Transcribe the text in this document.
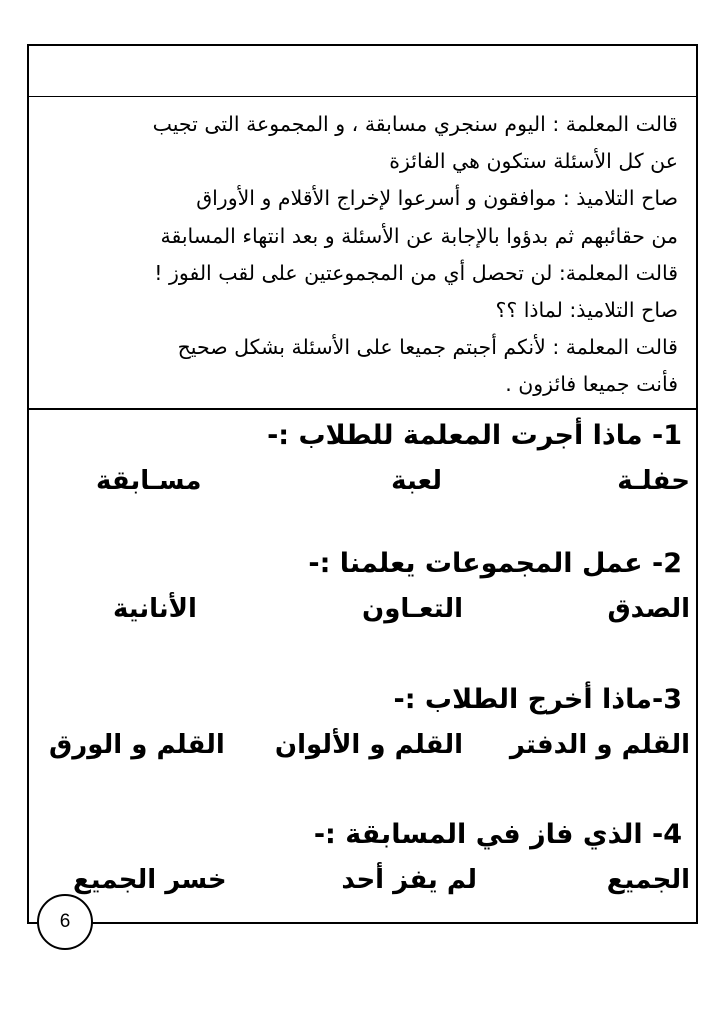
قالت المعلمة : اليوم سنجري مسابقة ، و المجموعة التى تجيب

عن كل الأسئلة ستكون هي الفائزة

صاح التلاميذ : موافقون و أسرعوا لإخراج الأقلام و الأوراق

من حقائبهم ثم بدؤوا بالإجابة عن الأسئلة و بعد انتهاء المسابقة

قالت المعلمة: لن تحصل أي من المجموعتين على لقب الفوز !

صاح التلاميذ: لماذا ؟؟

قالت المعلمة : لأنكم أجبتم جميعا على الأسئلة بشكل صحيح

فأنت جميعا فائزون .

1- ماذا أجرت المعلمة للطلاب :-
حفلـة
لعبة
مسـابقة
2- عمل المجموعات يعلمنا :-
الصدق
التعـاون
الأنانية
3-ماذا أخرج الطلاب :-
القلم و الدفتر
القلم و الألوان
القلم و الورق
4- الذي فاز في المسابقة :-
الجميع
لم يفز أحد
خسر الجميع
6
